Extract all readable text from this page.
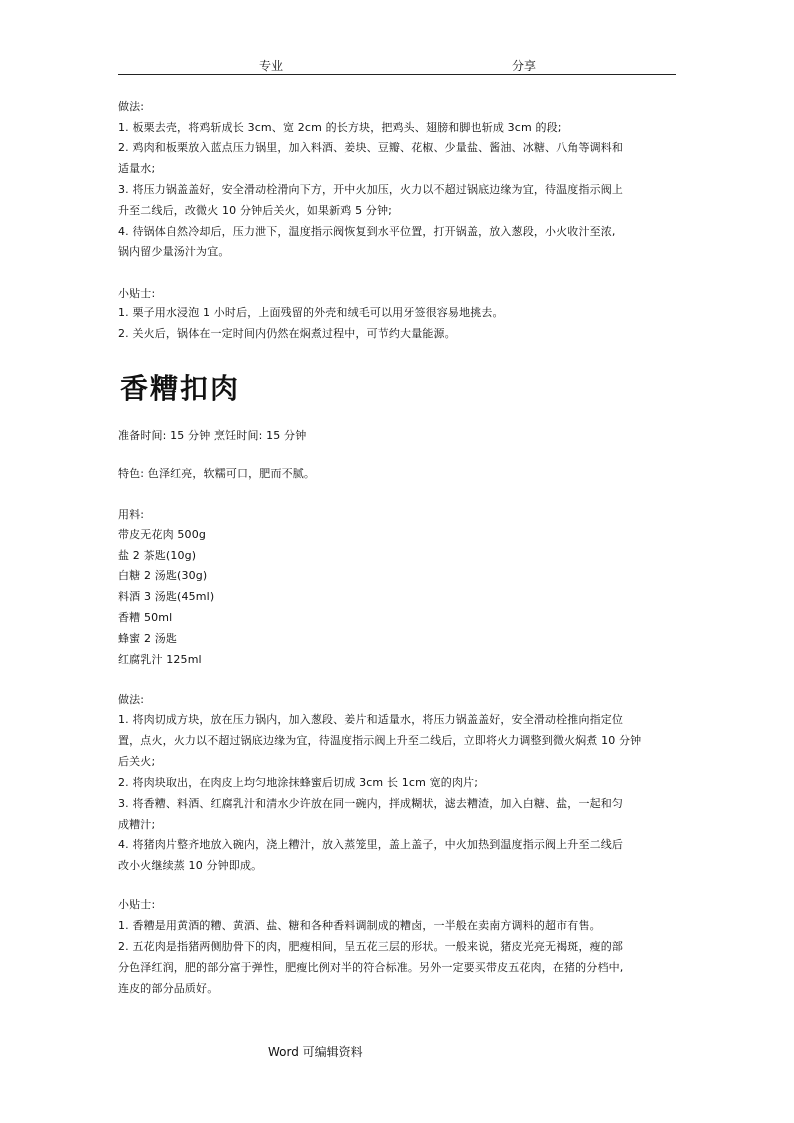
专业	分享
做法:
1. 板栗去壳，将鸡斩成长 3cm、宽 2cm 的长方块，把鸡头、翅膀和脚也斩成 3cm 的段;
2. 鸡肉和板栗放入蓝点压力锅里，加入料酒、姜块、豆瓣、花椒、少量盐、酱油、冰糖、八角等调料和
适量水;
3. 将压力锅盖盖好，安全滑动栓滑向下方，开中火加压，火力以不超过锅底边缘为宜，待温度指示阀上
升至二线后，改微火 10 分钟后关火，如果新鸡 5 分钟;
4. 待锅体自然冷却后，压力泄下，温度指示阀恢复到水平位置，打开锅盖，放入葱段，小火收汁至浓,
锅内留少量汤汁为宜。
小贴士:
1. 栗子用水浸泡 1 小时后，上面残留的外壳和绒毛可以用牙签很容易地挑去。
2. 关火后，锅体在一定时间内仍然在焖煮过程中，可节约大量能源。
香糟扣肉
准备时间: 15 分钟 烹饪时间: 15 分钟
特色: 色泽红亮，软糯可口，肥而不腻。
用料:
带皮无花肉 500g
盐 2 茶匙(10g)
白糖 2 汤匙(30g)
料酒 3 汤匙(45ml)
香糟 50ml
蜂蜜 2 汤匙
红腐乳汁 125ml
做法:
1. 将肉切成方块，放在压力锅内，加入葱段、姜片和适量水，将压力锅盖盖好，安全滑动栓推向指定位
置，点火，火力以不超过锅底边缘为宜，待温度指示阀上升至二线后，立即将火力调整到微火焖煮 10 分钟
后关火;
2. 将肉块取出，在肉皮上均匀地涂抹蜂蜜后切成 3cm 长 1cm 宽的肉片;
3. 将香糟、料酒、红腐乳汁和清水少许放在同一碗内，拌成糊状，滤去糟渣，加入白糖、盐，一起和匀
成糟汁;
4. 将猪肉片整齐地放入碗内，浇上糟汁，放入蒸笼里，盖上盖子，中火加热到温度指示阀上升至二线后
改小火继续蒸 10 分钟即成。
小贴士:
1. 香糟是用黄酒的糟、黄酒、盐、糖和各种香料调制成的糟卤，一半般在卖南方调料的超市有售。
2. 五花肉是指猪两侧肋骨下的肉，肥瘦相间，呈五花三层的形状。一般来说，猪皮光亮无褐斑，瘦的部
分色泽红润，肥的部分富于弹性，肥瘦比例对半的符合标准。另外一定要买带皮五花肉，在猪的分档中,
连皮的部分品质好。
Word 可编辑资料
